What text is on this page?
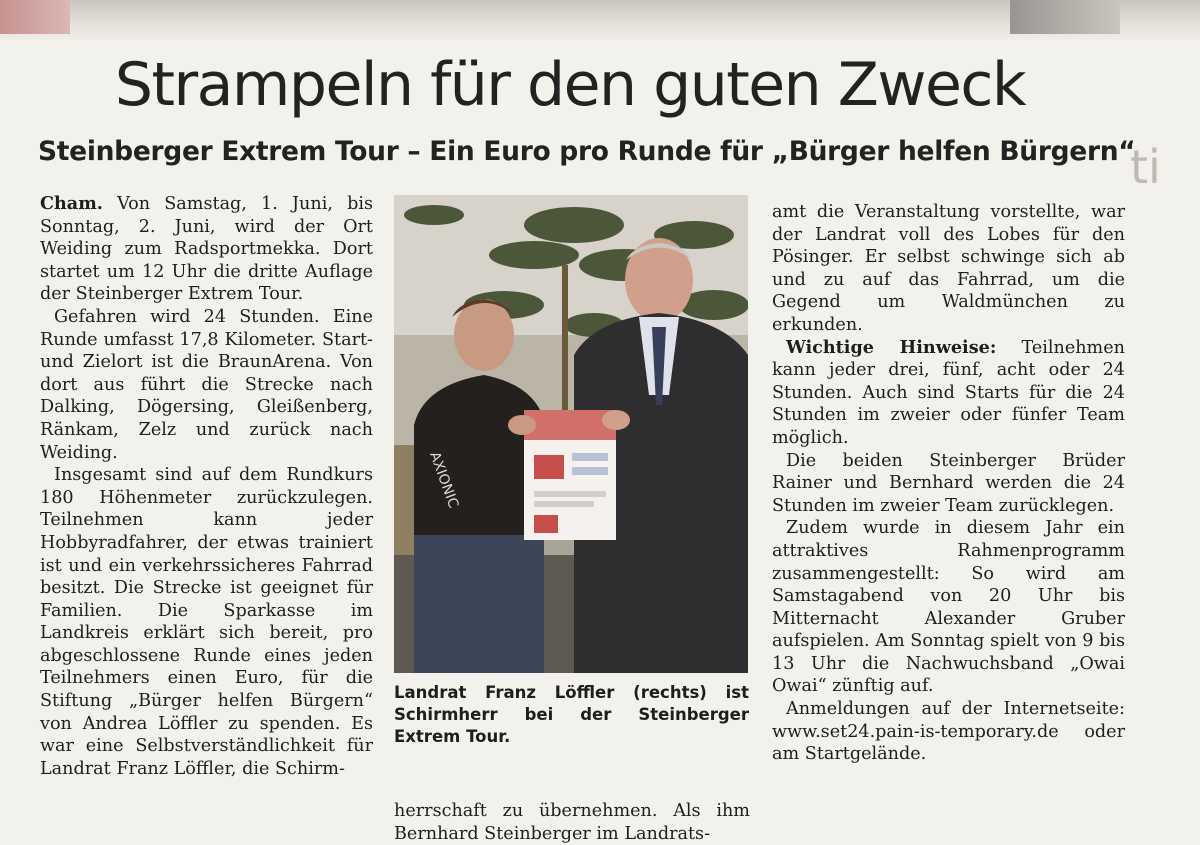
Strampeln für den guten Zweck
Steinberger Extrem Tour – Ein Euro pro Runde für „Bürger helfen Bürgern“
ti

Cham. Von Samstag, 1. Juni, bis Sonntag, 2. Juni, wird der Ort Weiding zum Radsportmekka. Dort startet um 12 Uhr die dritte Auflage der Steinberger Extrem Tour.

Gefahren wird 24 Stunden. Eine Runde umfasst 17,8 Kilometer. Start- und Zielort ist die BraunArena. Von dort aus führt die Strecke nach Dalking, Dögersing, Gleißenberg, Ränkam, Zelz und zurück nach Weiding.

Insgesamt sind auf dem Rundkurs 180 Höhenmeter zurückzulegen. Teilnehmen kann jeder Hobbyradfahrer, der etwas trainiert ist und ein verkehrssicheres Fahrrad besitzt. Die Strecke ist geeignet für Familien. Die Sparkasse im Landkreis erklärt sich bereit, pro abgeschlossene Runde eines jeden Teilnehmers einen Euro, für die Stiftung „Bürger helfen Bürgern“ von Andrea Löffler zu spenden. Es war eine Selbstverständlichkeit für Landrat Franz Löffler, die Schirm-

AXIONIC

Landrat Franz Löffler (rechts) ist Schirmherr bei der Steinberger Extrem Tour.

herrschaft zu übernehmen. Als ihm Bernhard Steinberger im Landrats-

amt die Veranstaltung vorstellte, war der Landrat voll des Lobes für den Pösinger. Er selbst schwinge sich ab und zu auf das Fahrrad, um die Gegend um Waldmünchen zu erkunden.

Wichtige Hinweise: Teilnehmen kann jeder drei, fünf, acht oder 24 Stunden. Auch sind Starts für die 24 Stunden im zweier oder fünfer Team möglich.

Die beiden Steinberger Brüder Rainer und Bernhard werden die 24 Stunden im zweier Team zurücklegen.

Zudem wurde in diesem Jahr ein attraktives Rahmenprogramm zusammengestellt: So wird am Samstagabend von 20 Uhr bis Mitternacht Alexander Gruber aufspielen. Am Sonntag spielt von 9 bis 13 Uhr die Nachwuchsband „Owai Owai“ zünftig auf.

Anmeldungen auf der Internetseite: www.set24.pain-is-temporary.de oder am Startgelände.
